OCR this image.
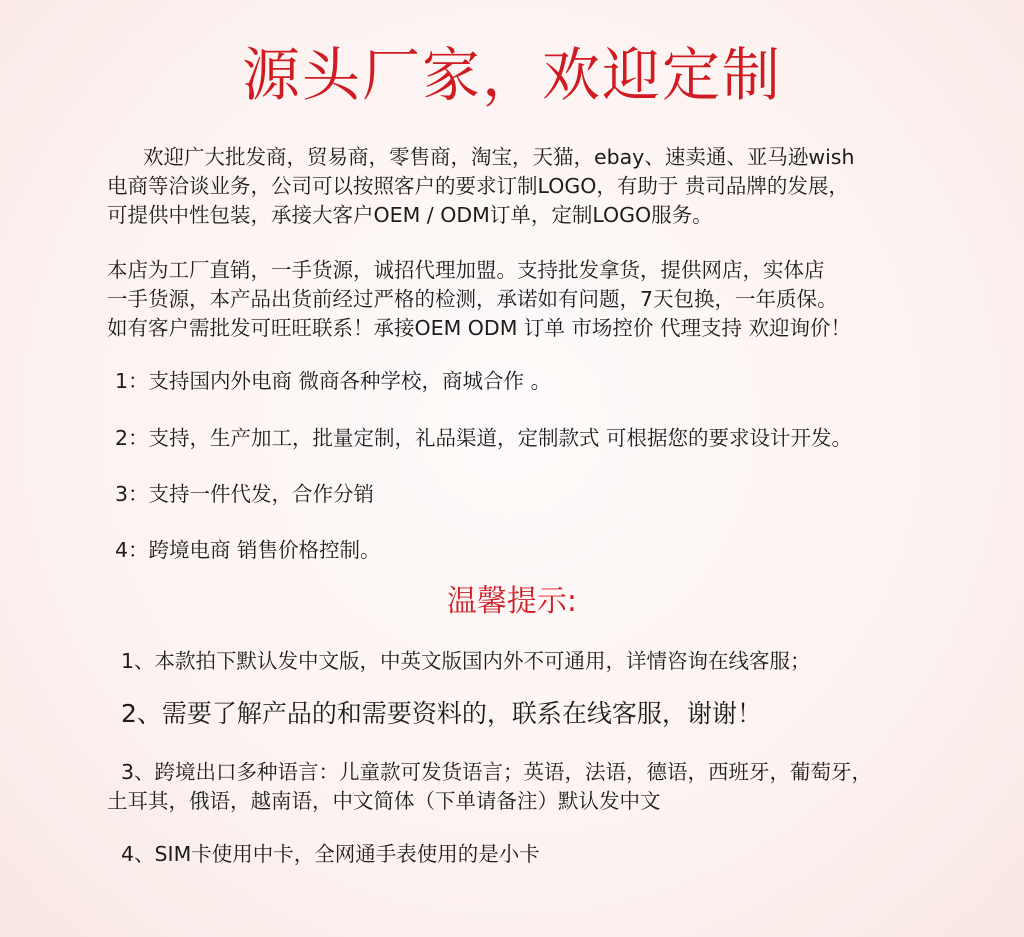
源头厂家，欢迎定制
欢迎广大批发商，贸易商，零售商，淘宝，天猫，ebay、速卖通、亚马逊wish
电商等洽谈业务，公司可以按照客户的要求订制LOGO，有助于 贵司品牌的发展，
可提供中性包装，承接大客户OEM / ODM订单，定制LOGO服务。
本店为工厂直销，一手货源，诚招代理加盟。支持批发拿货，提供网店，实体店
一手货源，本产品出货前经过严格的检测，承诺如有问题，7天包换，一年质保。
如有客户需批发可旺旺联系！承接OEM ODM 订单 市场控价 代理支持 欢迎询价！
1：支持国内外电商 微商各种学校，商城合作 。
2：支持，生产加工，批量定制，礼品渠道，定制款式 可根据您的要求设计开发。
3：支持一件代发，合作分销
4：跨境电商 销售价格控制。
温馨提示:
1、本款拍下默认发中文版，中英文版国内外不可通用，详情咨询在线客服；
2、需要了解产品的和需要资料的，联系在线客服，谢谢！
3、跨境出口多种语言：儿童款可发货语言；英语，法语，德语，西班牙，葡萄牙，
土耳其，俄语，越南语，中文简体（下单请备注）默认发中文
4、SIM卡使用中卡，全网通手表使用的是小卡
